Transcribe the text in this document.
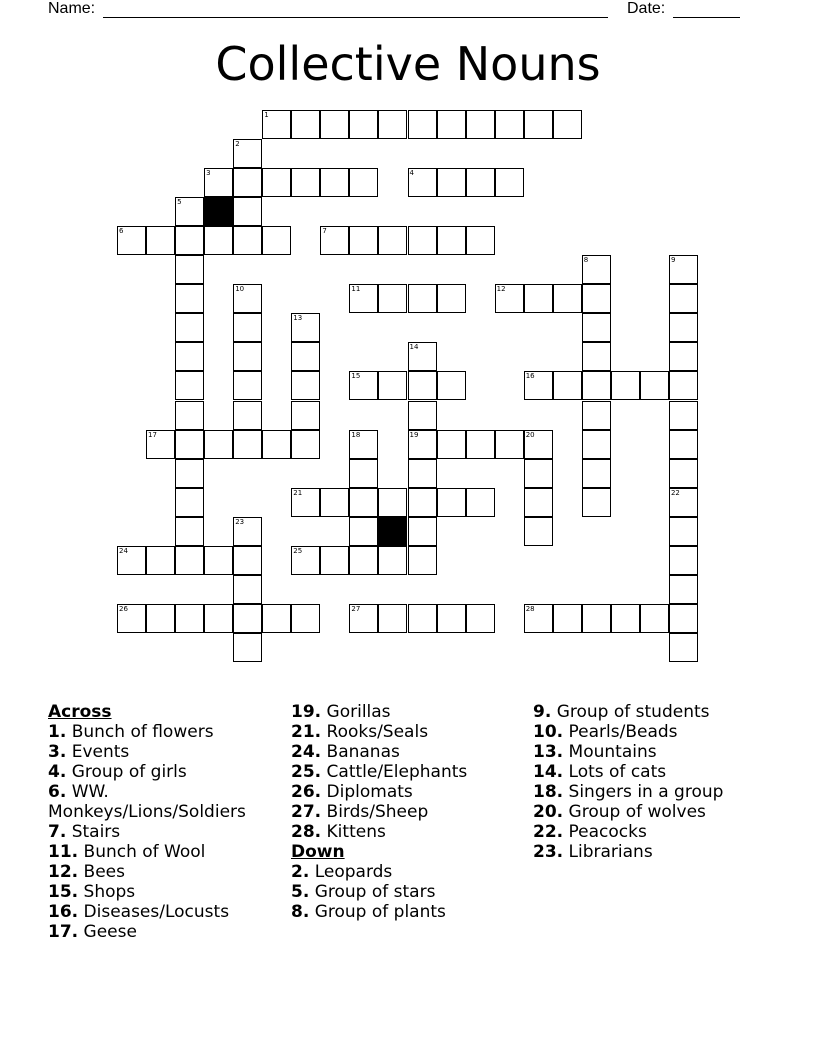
Name:	Date:
Collective Nouns
1
2
3	4
5
6	7
8	9
10	11	12
13
14
19
15	16
17	18	20
21	22
23
24	25
26	27	28
Across
1. Bunch of flowers
3. Events
4. Group of girls
6. WW. Monkeys/Lions/Soldiers
7. Stairs
11. Bunch of Wool
12. Bees
15. Shops
16. Diseases/Locusts
17. Geese
19. Gorillas
21. Rooks/Seals
24. Bananas
25. Cattle/Elephants
26. Diplomats
27. Birds/Sheep
28. Kittens
Down
2. Leopards
5. Group of stars
8. Group of plants
9. Group of students
10. Pearls/Beads
13. Mountains
14. Lots of cats
18. Singers in a group
20. Group of wolves
22. Peacocks
23. Librarians
